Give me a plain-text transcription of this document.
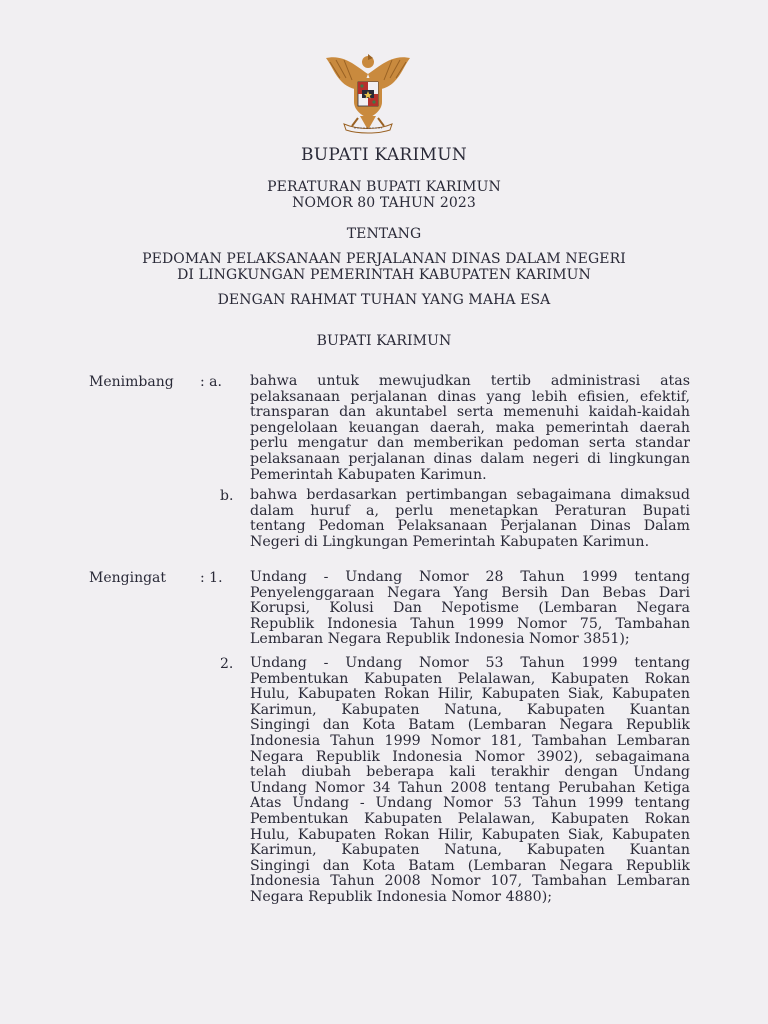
BUPATI KARIMUN
PERATURAN BUPATI KARIMUN
NOMOR 80 TAHUN 2023
TENTANG
PEDOMAN PELAKSANAAN PERJALANAN DINAS DALAM NEGERI
DI LINGKUNGAN PEMERINTAH KABUPATEN KARIMUN
DENGAN RAHMAT TUHAN YANG MAHA ESA
BUPATI KARIMUN
Menimbang : a. bahwa untuk mewujudkan tertib administrasi atas
pelaksanaan perjalanan dinas yang lebih efisien, efektif,
transparan dan akuntabel serta memenuhi kaidah-kaidah
pengelolaan keuangan daerah, maka pemerintah daerah
perlu mengatur dan memberikan pedoman serta standar
pelaksanaan perjalanan dinas dalam negeri di lingkungan
Pemerintah Kabupaten Karimun.
b. bahwa berdasarkan pertimbangan sebagaimana dimaksud
dalam huruf a, perlu menetapkan Peraturan Bupati
tentang Pedoman Pelaksanaan Perjalanan Dinas Dalam
Negeri di Lingkungan Pemerintah Kabupaten Karimun.
Mengingat : 1. Undang - Undang Nomor 28 Tahun 1999 tentang
Penyelenggaraan Negara Yang Bersih Dan Bebas Dari
Korupsi, Kolusi Dan Nepotisme (Lembaran Negara
Republik Indonesia Tahun 1999 Nomor 75, Tambahan
Lembaran Negara Republik Indonesia Nomor 3851);
2. Undang - Undang Nomor 53 Tahun 1999 tentang
Pembentukan Kabupaten Pelalawan, Kabupaten Rokan
Hulu, Kabupaten Rokan Hilir, Kabupaten Siak, Kabupaten
Karimun, Kabupaten Natuna, Kabupaten Kuantan
Singingi dan Kota Batam (Lembaran Negara Republik
Indonesia Tahun 1999 Nomor 181, Tambahan Lembaran
Negara Republik Indonesia Nomor 3902), sebagaimana
telah diubah beberapa kali terakhir dengan Undang
Undang Nomor 34 Tahun 2008 tentang Perubahan Ketiga
Atas Undang - Undang Nomor 53 Tahun 1999 tentang
Pembentukan Kabupaten Pelalawan, Kabupaten Rokan
Hulu, Kabupaten Rokan Hilir, Kabupaten Siak, Kabupaten
Karimun, Kabupaten Natuna, Kabupaten Kuantan
Singingi dan Kota Batam (Lembaran Negara Republik
Indonesia Tahun 2008 Nomor 107, Tambahan Lembaran
Negara Republik Indonesia Nomor 4880);
